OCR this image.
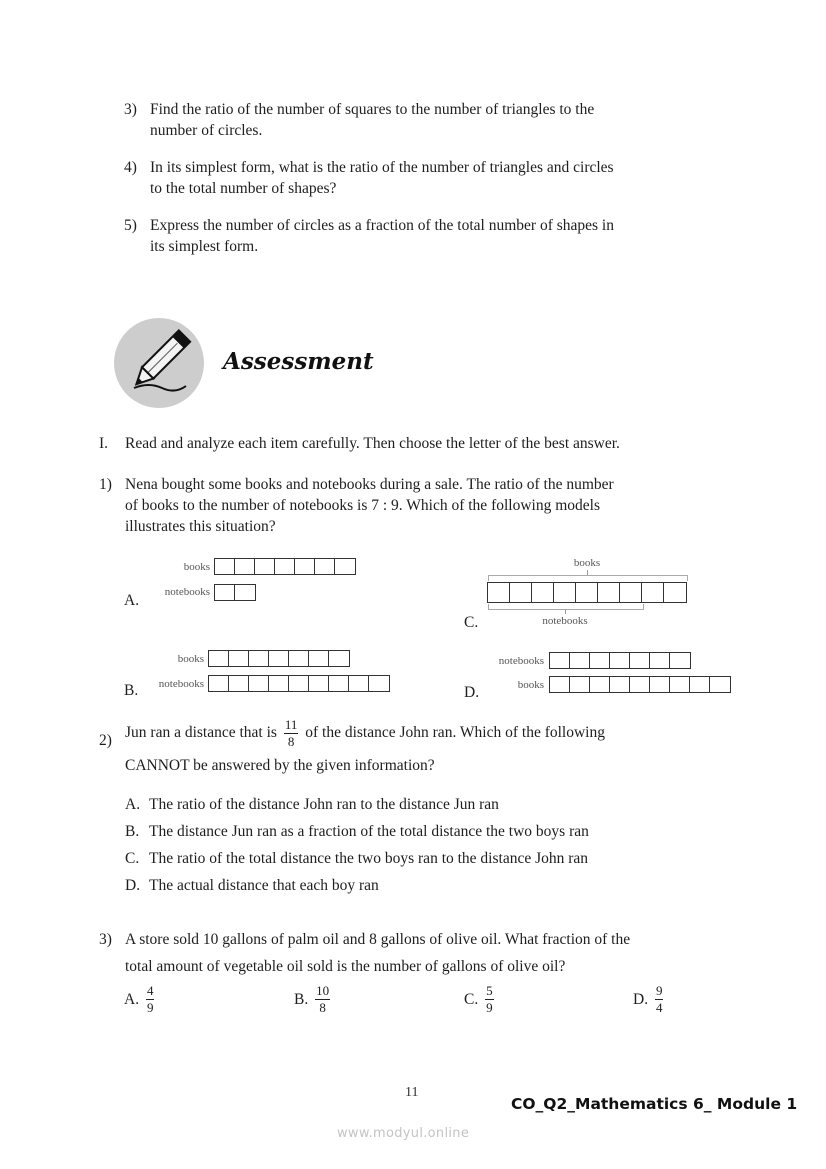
3) Find the ratio of the number of squares to the number of triangles to the
number of circles.
4) In its simplest form, what is the ratio of the number of triangles and circles
to the total number of shapes?
5) Express the number of circles as a fraction of the total number of shapes in
its simplest form.
Assessment
I. Read and analyze each item carefully. Then choose the letter of the best answer.
1) Nena bought some books and notebooks during a sale. The ratio of the number
of books to the number of notebooks is 7 : 9. Which of the following models
illustrates this situation?
A.
books
notebooks
C.
books
notebooks
B.
books
notebooks	D.
notebooks
books
2) Jun ran a distance that is $\frac{11}{8}$ of the distance John ran. Which of the following
CANNOT be answered by the given information?
A. The ratio of the distance John ran to the distance Jun ran
B. The distance Jun ran as a fraction of the total distance the two boys ran
C. The ratio of the total distance the two boys ran to the distance John ran
D. The actual distance that each boy ran
3) A store sold 10 gallons of palm oil and 8 gallons of olive oil. What fraction of the
total amount of vegetable oil sold is the number of gallons of olive oil?
A. $\frac{4}{9}$	B. $\frac{10}{8}$	C. $\frac{5}{9}$	D. $\frac{9}{4}$
11
CO_Q2_Mathematics 6_ Module 1
www.modyul.online
